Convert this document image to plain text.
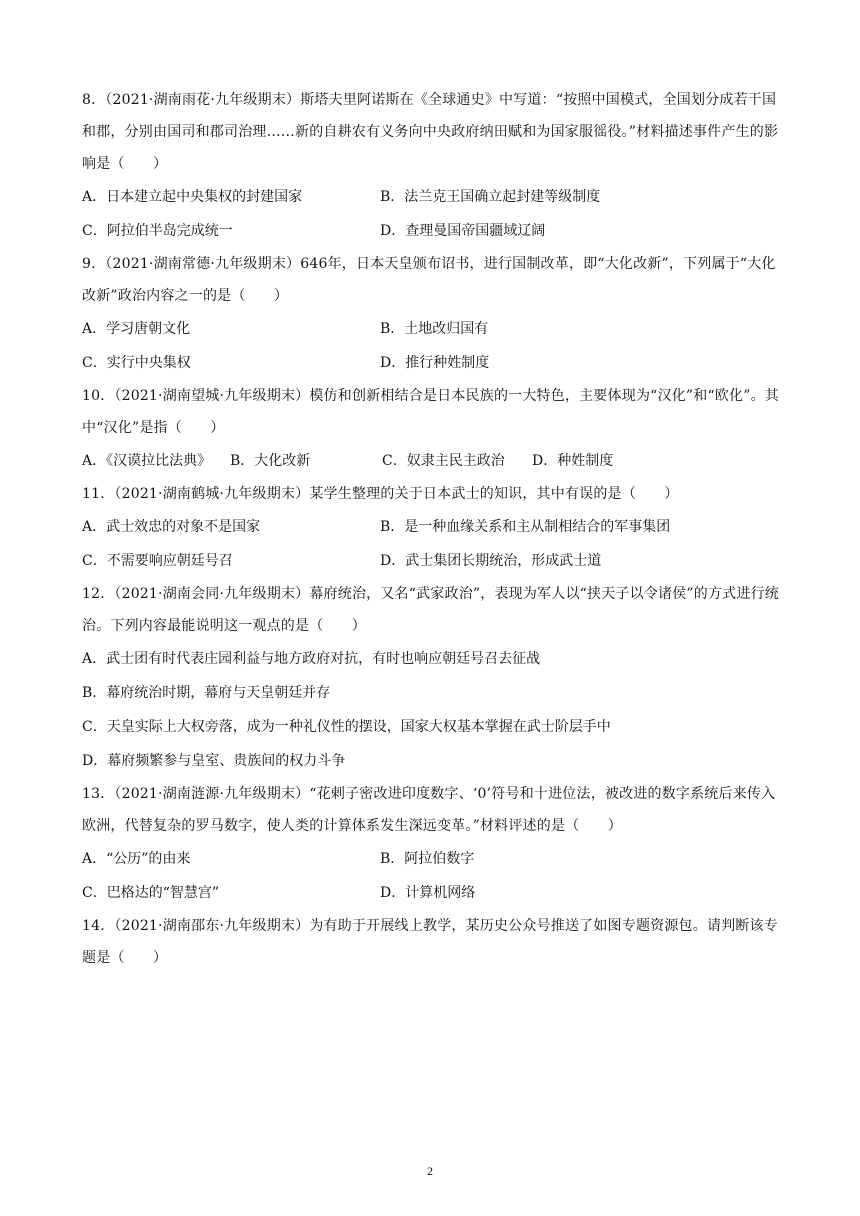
8．（2021·湖南雨花·九年级期末）斯塔夫里阿诺斯在《全球通史》中写道：“按照中国模式，全国划分成若干国和郡，分别由国司和郡司治理……新的自耕农有义务向中央政府纳田赋和为国家服徭役。”材料描述事件产生的影响是（　　）

A．日本建立起中央集权的封建国家	B．法兰克王国确立起封建等级制度
C．阿拉伯半岛完成统一	D．查理曼国帝国疆域辽阔

9．（2021·湖南常德·九年级期末）646年，日本天皇颁布诏书，进行国制改革，即“大化改新”，下列属于“大化改新”政治内容之一的是（　　）

A．学习唐朝文化	B．土地改归国有
C．实行中央集权	D．推行种姓制度

10．（2021·湖南望城·九年级期末）模仿和创新相结合是日本民族的一大特色，主要体现为“汉化”和“欧化”。其中“汉化”是指（　　）

A．《汉谟拉比法典》	B．大化改新	C．奴隶主民主政治	D．种姓制度

11．（2021·湖南鹤城·九年级期末）某学生整理的关于日本武士的知识，其中有误的是（　　）

A．武士效忠的对象不是国家	B．是一种血缘关系和主从制相结合的军事集团
C．不需要响应朝廷号召	D．武士集团长期统治，形成武士道

12．（2021·湖南会同·九年级期末）幕府统治，又名“武家政治”，表现为军人以“挟天子以令诸侯”的方式进行统治。下列内容最能说明这一观点的是（　　）

A．武士团有时代表庄园利益与地方政府对抗，有时也响应朝廷号召去征战
B．幕府统治时期，幕府与天皇朝廷并存
C．天皇实际上大权旁落，成为一种礼仪性的摆设，国家大权基本掌握在武士阶层手中
D．幕府频繁参与皇室、贵族间的权力斗争

13．（2021·湖南涟源·九年级期末）“花剌子密改进印度数字、‘0’符号和十进位法，被改进的数字系统后来传入欧洲，代替复杂的罗马数字，使人类的计算体系发生深远变革。”材料评述的是（　　）

A．“公历”的由来	B．阿拉伯数字
C．巴格达的“智慧宫”	D．计算机网络

14．（2021·湖南邵东·九年级期末）为有助于开展线上教学，某历史公众号推送了如图专题资源包。请判断该专题是（　　）

2
